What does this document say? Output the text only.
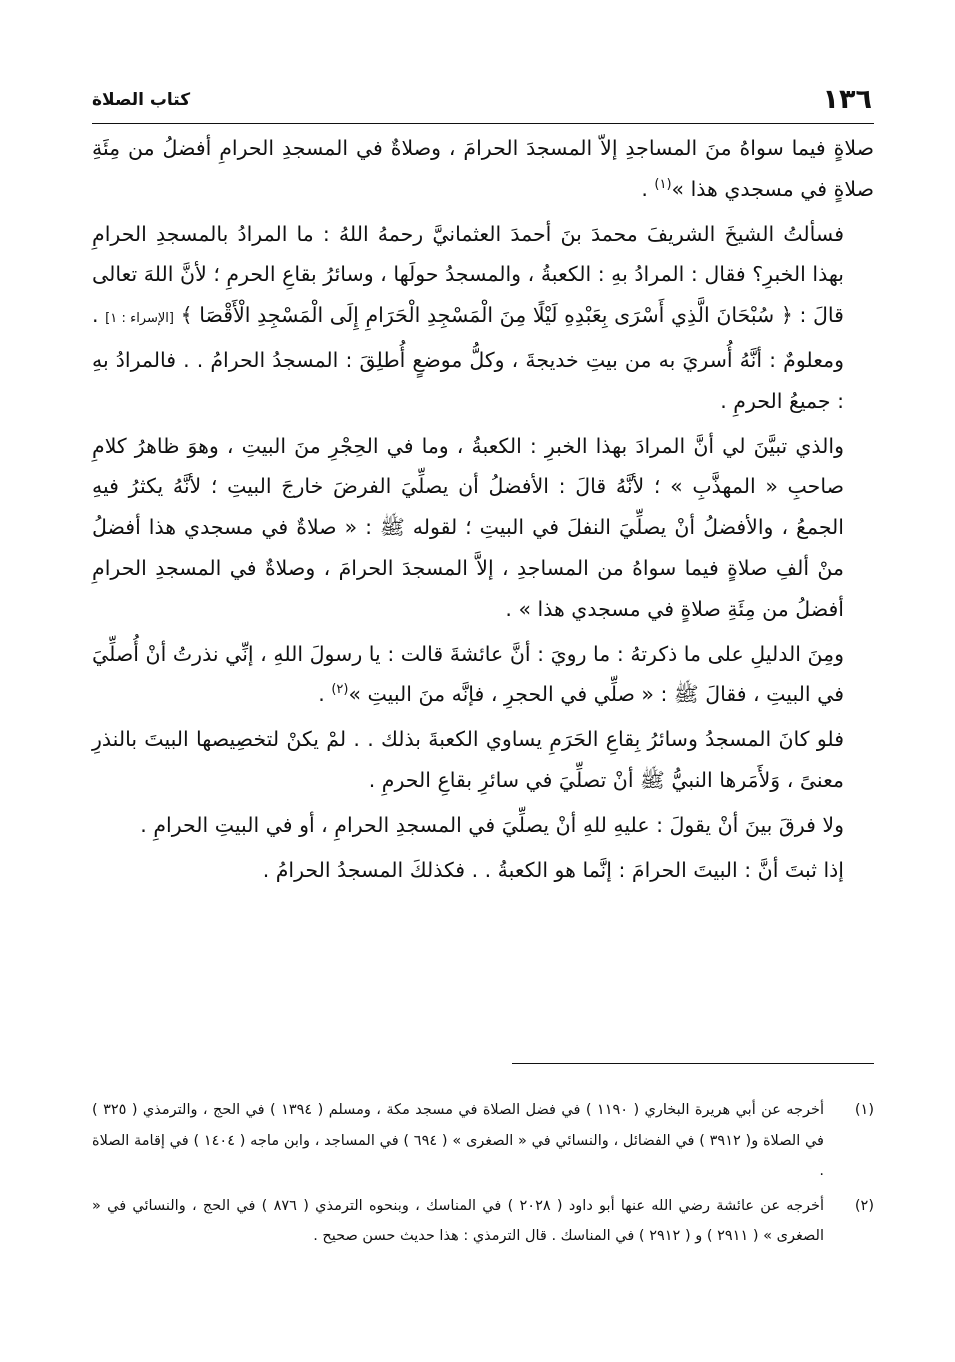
١٣٦
كتاب الصلاة

صلاةٍ فيما سواهُ منَ المساجدِ إلاّ المسجدَ الحرامَ ، وصلاةٌ في المسجدِ الحرامِ أفضلُ من مِئَةِ صلاةٍ في مسجدي هذا »$^{(١)}$ .

فسألتُ الشيخَ الشريفَ محمدَ بنَ أحمدَ العثمانيَّ رحمهُ اللهُ : ما المرادُ بالمسجدِ الحرامِ بهذا الخبرِ؟ فقال : المرادُ بهِ : الكعبةُ ، والمسجدُ حولَها ، وسائرُ بقاعِ الحرمِ ؛ لأنَّ اللهَ تعالى قالَ : ﴿ سُبْحَانَ الَّذِي أَسْرَى بِعَبْدِهِ لَيْلًا مِنَ الْمَسْجِدِ الْحَرَامِ إِلَى الْمَسْجِدِ الْأَقْصَا ﴾ [الإسراء : ١] . ومعلومٌ : أنَّهُ أُسريَ به من بيتِ خديجةَ ، وكلُّ موضعٍ أُطلِقَ : المسجدُ الحرامُ . . فالمرادُ بهِ : جميعُ الحرمِ .

والذي تبيَّنَ لي أنَّ المرادَ بهذا الخبرِ : الكعبةُ ، وما في الحِجْرِ منَ البيتِ ، وهوَ ظاهرُ كلامِ صاحبِ « المهذَّبِ » ؛ لأنَّهُ قالَ : الأفضلُ أن يصلِّيَ الفرضَ خارجَ البيتِ ؛ لأنَّهُ يكثرُ فيهِ الجمعُ ، والأفضلُ أنْ يصلِّيَ النفلَ في البيتِ ؛ لقوله ﷺ : « صلاةٌ في مسجدي هذا أفضلُ منْ ألفِ صلاةٍ فيما سواهُ من المساجدِ ، إلاَّ المسجدَ الحرامَ ، وصلاةٌ في المسجدِ الحرامِ أفضلُ من مِئَةِ صلاةٍ في مسجدي هذا » .

ومِنَ الدليلِ على ما ذكرتهُ : ما رويَ : أنَّ عائشةَ قالت : يا رسولَ اللهِ ، إنِّي نذرتُ أنْ أُصلِّيَ في البيتِ ، فقالَ ﷺ : « صلِّي في الحجرِ ، فإنَّه منَ البيتِ »$^{(٢)}$ .

فلو كانَ المسجدُ وسائرُ بِقاعِ الحَرَمِ يساوي الكعبةَ بذلك . . لمْ يكنْ لتخصِيصها البيتَ بالنذرِ معنىً ، وَلأَمَرها النبيُّ ﷺ أنْ تصلِّيَ في سائرِ بقاعِ الحرمِ .

ولا فرقَ بينَ أنْ يقولَ : عليهِ للهِ أنْ يصلِّيَ في المسجدِ الحرامِ ، أو في البيتِ الحرامِ .

إذا ثبتَ أنَّ : البيتَ الحرامَ : إنَّما هو الكعبةُ . . فكذلكَ المسجدُ الحرامُ .

(١)
أخرجه عن أبي هريرة البخاري ( ١١٩٠ ) في فضل الصلاة في مسجد مكة ، ومسلم ( ١٣٩٤ ) في الحج ، والترمذي ( ٣٢٥ ) في الصلاة و( ٣٩١٢ ) في الفضائل ، والنسائي في « الصغرى » ( ٦٩٤ ) في المساجد ، وابن ماجه ( ١٤٠٤ ) في إقامة الصلاة .
(٢)
أخرجه عن عائشة رضي الله عنها أبو داود ( ٢٠٢٨ ) في المناسك ، وبنحوه الترمذي ( ٨٧٦ ) في الحج ، والنسائي في « الصغرى » ( ٢٩١١ ) و ( ٢٩١٢ ) في المناسك . قال الترمذي : هذا حديث حسن صحيح .
